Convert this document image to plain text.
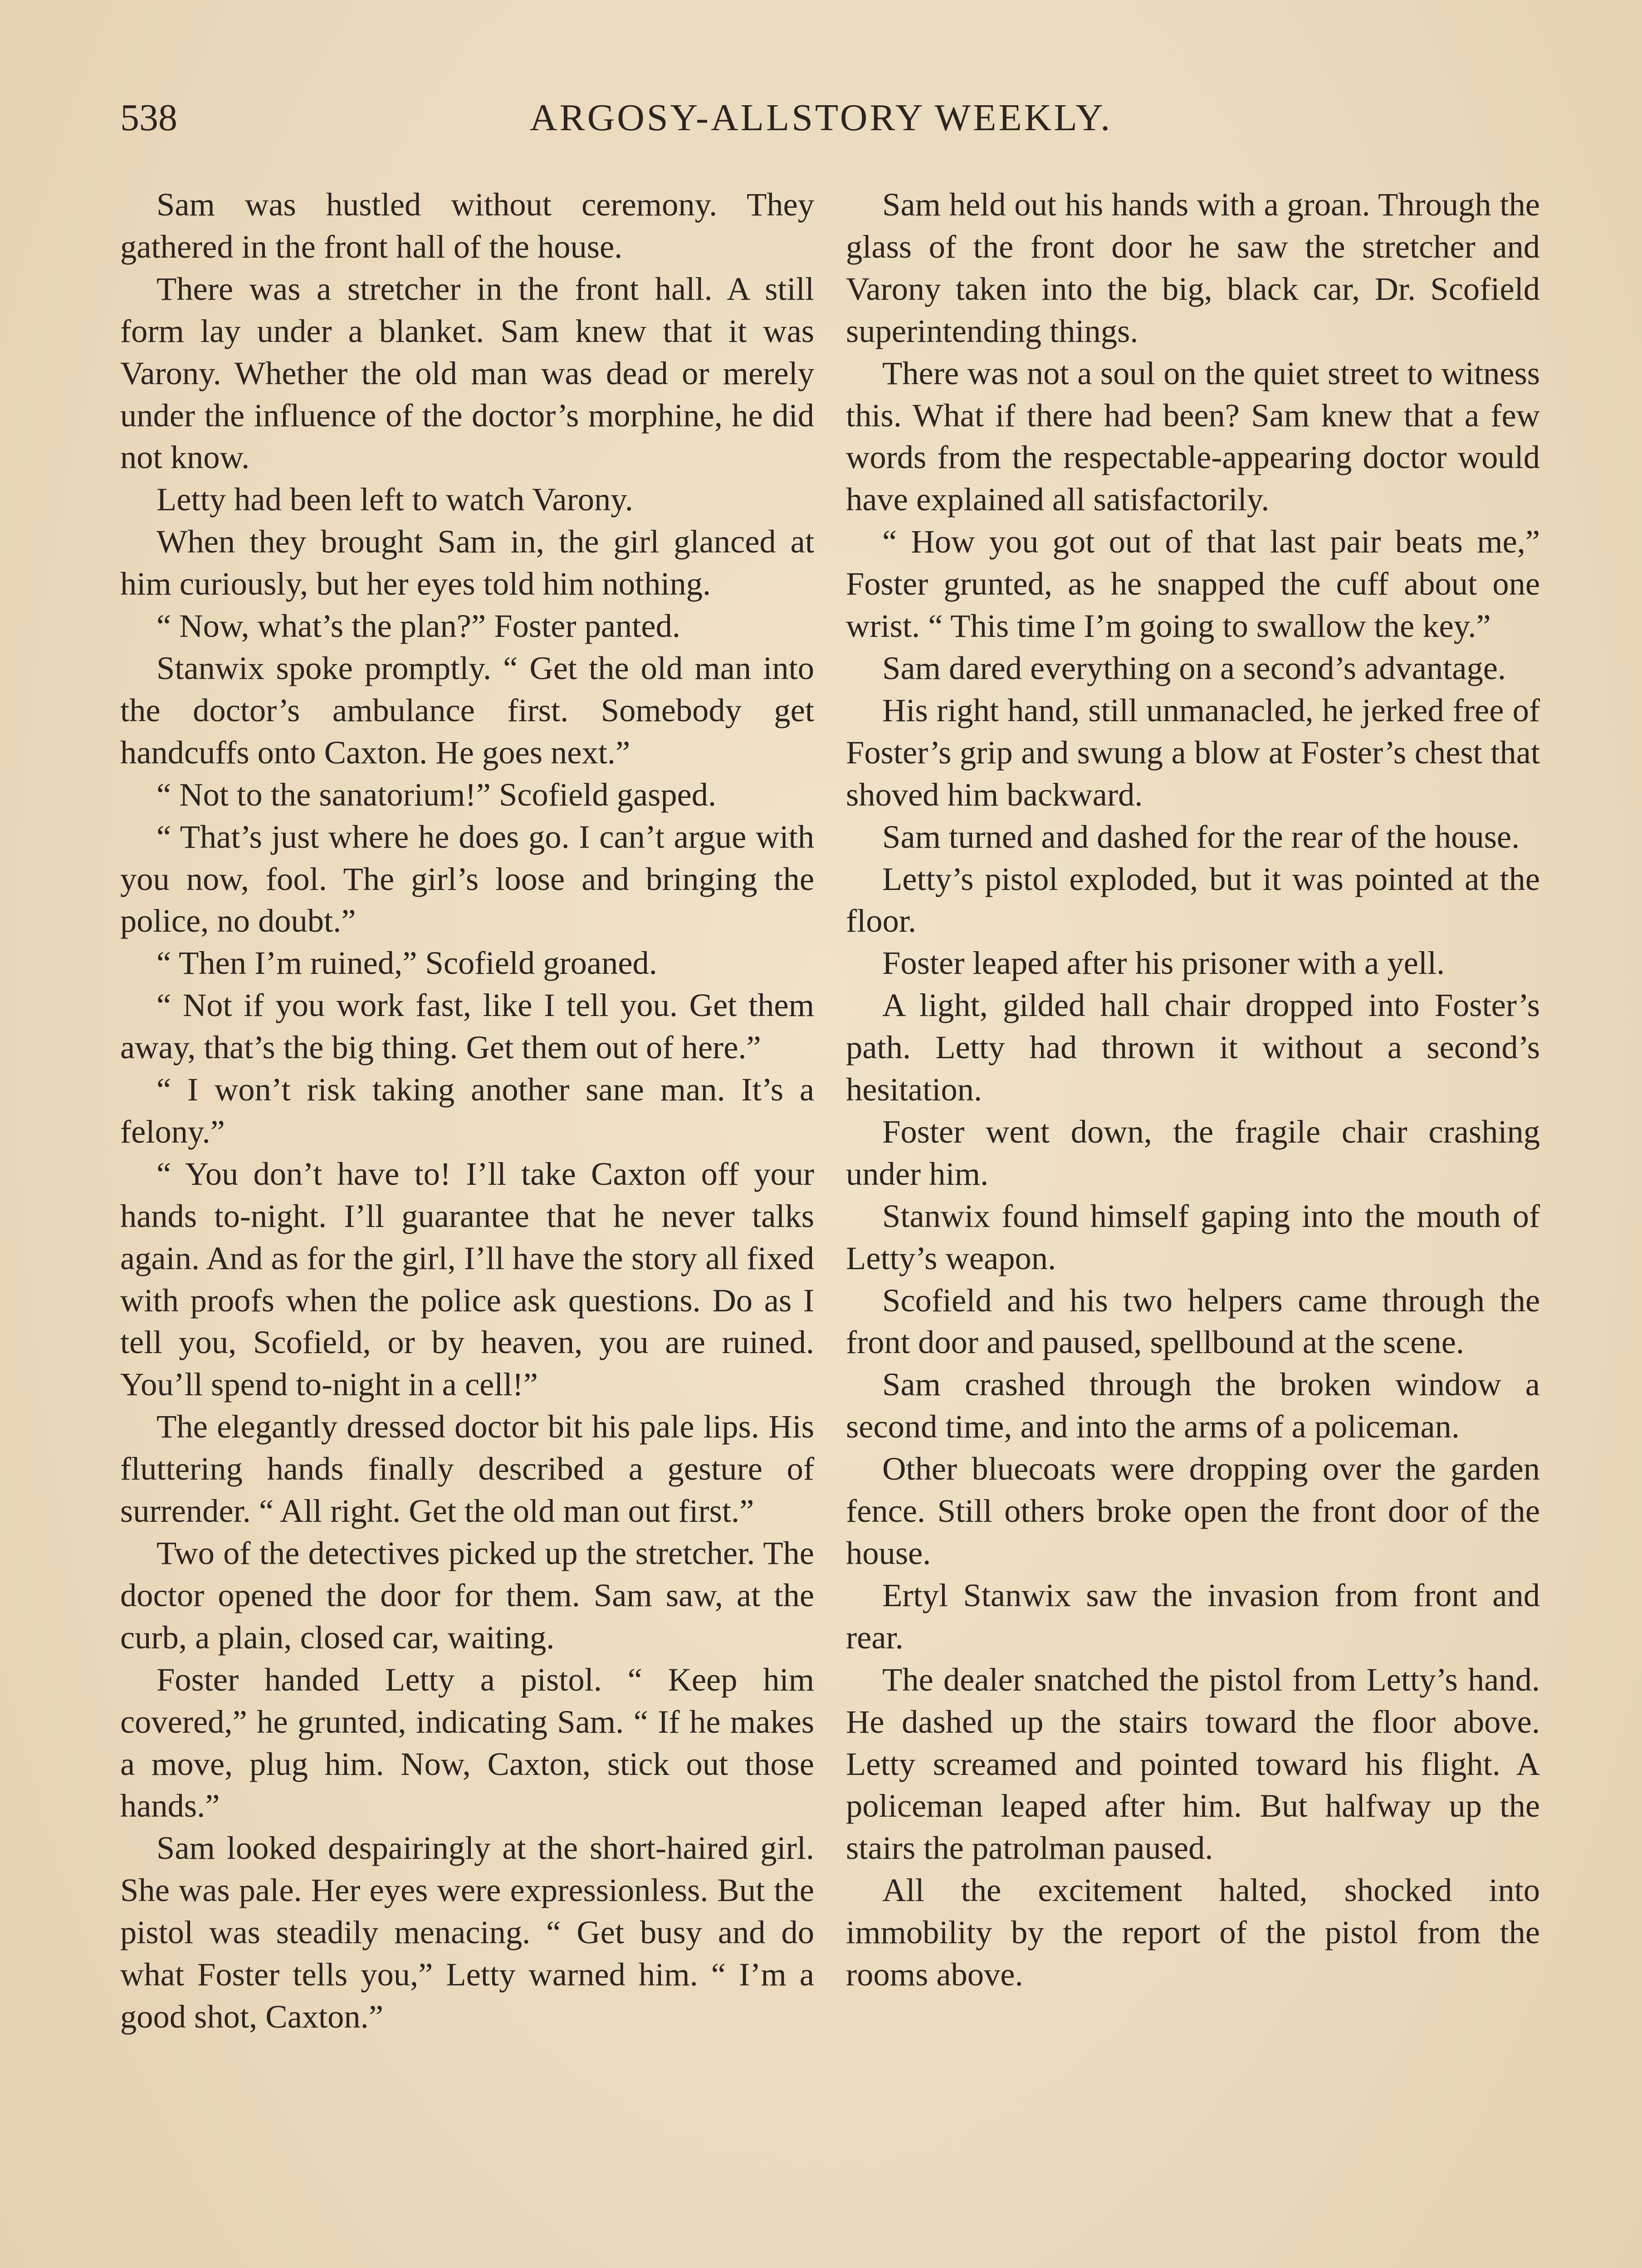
538	ARGOSY-ALLSTORY WEEKLY.

Sam was hustled without ceremony. They gathered in the front hall of the house.

There was a stretcher in the front hall. A still form lay under a blanket. Sam knew that it was Varony. Whether the old man was dead or merely under the influence of the doctor’s morphine, he did not know.

Letty had been left to watch Varony.

When they brought Sam in, the girl glanced at him curiously, but her eyes told him nothing.

“ Now, what’s the plan?” Foster panted.

Stanwix spoke promptly. “ Get the old man into the doctor’s ambulance first. Somebody get handcuffs onto Caxton. He goes next.”

“ Not to the sanatorium!” Scofield gasped.

“ That’s just where he does go. I can’t argue with you now, fool. The girl’s loose and bringing the police, no doubt.”

“ Then I’m ruined,” Scofield groaned.

“ Not if you work fast, like I tell you. Get them away, that’s the big thing. Get them out of here.”

“ I won’t risk taking another sane man. It’s a felony.”

“ You don’t have to! I’ll take Caxton off your hands to-night. I’ll guarantee that he never talks again. And as for the girl, I’ll have the story all fixed with proofs when the police ask questions. Do as I tell you, Scofield, or by heaven, you are ruined. You’ll spend to-night in a cell!”

The elegantly dressed doctor bit his pale lips. His fluttering hands finally described a gesture of surrender. “ All right. Get the old man out first.”

Two of the detectives picked up the stretcher. The doctor opened the door for them. Sam saw, at the curb, a plain, closed car, waiting.

Foster handed Letty a pistol. “ Keep him covered,” he grunted, indicating Sam. “ If he makes a move, plug him. Now, Caxton, stick out those hands.”

Sam looked despairingly at the short-haired girl. She was pale. Her eyes were expressionless. But the pistol was steadily menacing. “ Get busy and do what Foster tells you,” Letty warned him. “ I’m a good shot, Caxton.”

Sam held out his hands with a groan. Through the glass of the front door he saw the stretcher and Varony taken into the big, black car, Dr. Scofield superintending things.

There was not a soul on the quiet street to witness this. What if there had been? Sam knew that a few words from the respectable-appearing doctor would have explained all satisfactorily.

“ How you got out of that last pair beats me,” Foster grunted, as he snapped the cuff about one wrist. “ This time I’m going to swallow the key.”

Sam dared everything on a second’s advantage.

His right hand, still unmanacled, he jerked free of Foster’s grip and swung a blow at Foster’s chest that shoved him backward.

Sam turned and dashed for the rear of the house.

Letty’s pistol exploded, but it was pointed at the floor.

Foster leaped after his prisoner with a yell.

A light, gilded hall chair dropped into Foster’s path. Letty had thrown it without a second’s hesitation.

Foster went down, the fragile chair crashing under him.

Stanwix found himself gaping into the mouth of Letty’s weapon.

Scofield and his two helpers came through the front door and paused, spellbound at the scene.

Sam crashed through the broken window a second time, and into the arms of a policeman.

Other bluecoats were dropping over the garden fence. Still others broke open the front door of the house.

Ertyl Stanwix saw the invasion from front and rear.

The dealer snatched the pistol from Letty’s hand. He dashed up the stairs toward the floor above. Letty screamed and pointed toward his flight. A policeman leaped after him. But halfway up the stairs the patrolman paused.

All the excitement halted, shocked into immobility by the report of the pistol from the rooms above.
